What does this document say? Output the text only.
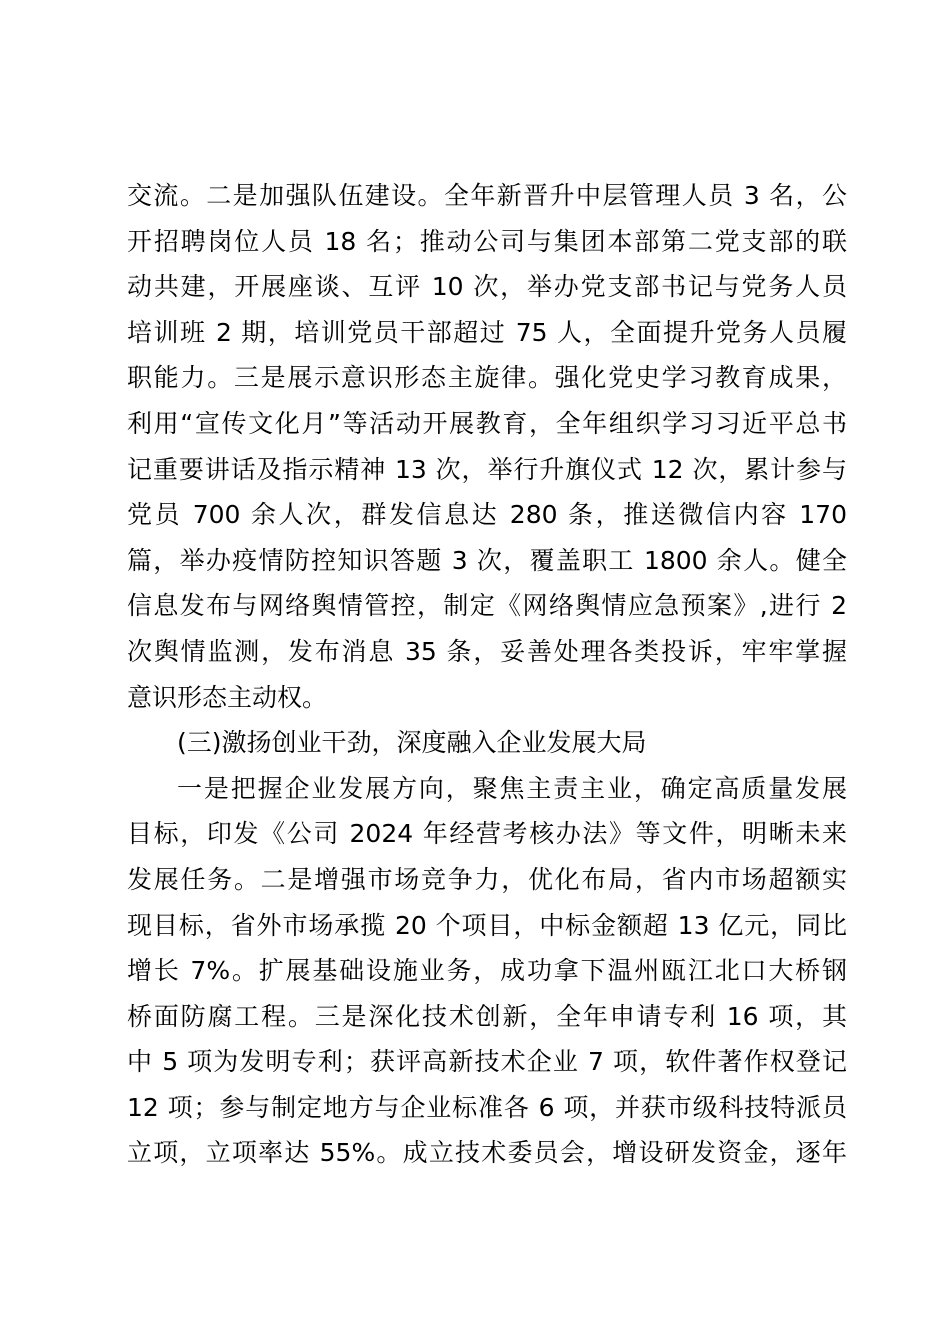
交流。二是加强队伍建设。全年新晋升中层管理人员 3 名，公
开招聘岗位人员 18 名；推动公司与集团本部第二党支部的联
动共建，开展座谈、互评 10 次，举办党支部书记与党务人员
培训班 2 期，培训党员干部超过 75 人，全面提升党务人员履
职能力。三是展示意识形态主旋律。强化党史学习教育成果，
利用“宣传文化月”等活动开展教育，全年组织学习习近平总书
记重要讲话及指示精神 13 次，举行升旗仪式 12 次，累计参与
党员 700 余人次，群发信息达 280 条，推送微信内容 170
篇，举办疫情防控知识答题 3 次，覆盖职工 1800 余人。健全
信息发布与网络舆情管控，制定《网络舆情应急预案》,进行 2
次舆情监测，发布消息 35 条，妥善处理各类投诉，牢牢掌握
意识形态主动权。
(三)激扬创业干劲，深度融入企业发展大局
一是把握企业发展方向，聚焦主责主业，确定高质量发展
目标，印发《公司 2024 年经营考核办法》等文件，明晰未来
发展任务。二是增强市场竞争力，优化布局，省内市场超额实
现目标，省外市场承揽 20 个项目，中标金额超 13 亿元，同比
增长 7%。扩展基础设施业务，成功拿下温州瓯江北口大桥钢
桥面防腐工程。三是深化技术创新，全年申请专利 16 项，其
中 5 项为发明专利；获评高新技术企业 7 项，软件著作权登记
12 项；参与制定地方与企业标准各 6 项，并获市级科技特派员
立项，立项率达 55%。成立技术委员会，增设研发资金，逐年
